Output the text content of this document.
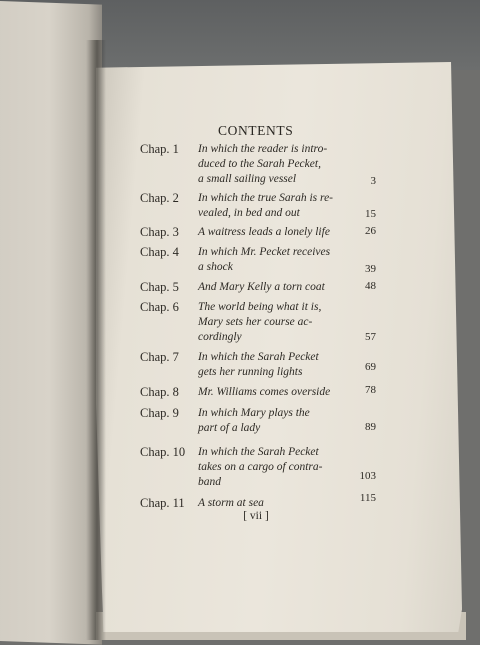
CONTENTS
Chap. 1 In which the reader is intro-
duced to the Sarah Pecket,
a small sailing vessel	3
Chap. 2 In which the true Sarah is re-
vealed, in bed and out	15
Chap. 3 A waitress leads a lonely life	26
Chap. 4 In which Mr. Pecket receives
a shock	39
Chap. 5 And Mary Kelly a torn coat	48
Chap. 6 The world being what it is,
Mary sets her course ac-
cordingly	57
Chap. 7 In which the Sarah Pecket
gets her running lights	69
Chap. 8 Mr. Williams comes overside	78
Chap. 9 In which Mary plays the
part of a lady	89
Chap. 10 In which the Sarah Pecket
takes on a cargo of contra-
band	103
Chap. 11 A storm at sea	115
[ vii ]
